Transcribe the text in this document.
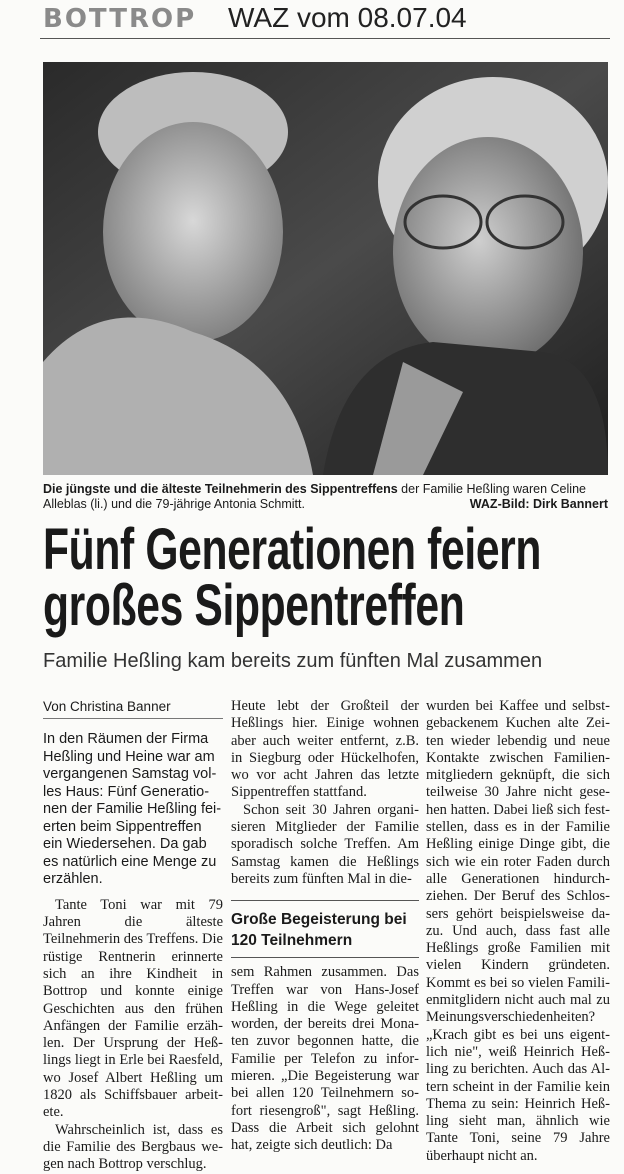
BOTTROP WAZ vom 08.07.04
Die jüngste und die älteste Teilnehmerin des Sippentreffens der Familie Heßling waren Celine Alleblas (li.) und die 79-jährige Antonia Schmitt.	WAZ-Bild: Dirk Bannert
Fünf Generationen feiern
großes Sippentreffen
Familie Heßling kam bereits zum fünften Mal zusammen
Von Christina Banner

In den Räumen der Firma Heßling und Heine war am vergangenen Samstag volles Haus: Fünf Generationen der Familie Heßling feierten beim Sippentreffen ein Wiedersehen. Da gab es natürlich eine Menge zu erzählen.

Tante Toni war mit 79 Jahren die älteste Teilnehmerin des Treffens. Die rüstige Rentnerin erinnerte sich an ihre Kindheit in Bottrop und konnte einige Geschichten aus den frühen Anfängen der Familie erzählen. Der Ursprung der Heßlings liegt in Erle bei Raesfeld, wo Josef Albert Heßling um 1820 als Schiffsbauer arbeitete.

Wahrscheinlich ist, dass es die Familie des Bergbaus wegen nach Bottrop verschlug.

Heute lebt der Großteil der Heßlings hier. Einige wohnen aber auch weiter entfernt, z.B. in Siegburg oder Hückelhofen, wo vor acht Jahren das letzte Sippentreffen stattfand.

Schon seit 30 Jahren organisieren Mitglieder der Familie sporadisch solche Treffen. Am Samstag kamen die Heßlings bereits zum fünften Mal in die-

Große Begeisterung bei 120 Teilnehmern

sem Rahmen zusammen. Das Treffen war von Hans-Josef Heßling in die Wege geleitet worden, der bereits drei Monaten zuvor begonnen hatte, die Familie per Telefon zu informieren. „Die Begeisterung war bei allen 120 Teilnehmern sofort riesengroß", sagt Heßling. Dass die Arbeit sich gelohnt hat, zeigte sich deutlich: Da

wurden bei Kaffee und selbstgebackenem Kuchen alte Zeiten wieder lebendig und neue Kontakte zwischen Familienmitgliedern geknüpft, die sich teilweise 30 Jahre nicht gesehen hatten. Dabei ließ sich feststellen, dass es in der Familie Heßling einige Dinge gibt, die sich wie ein roter Faden durch alle Generationen hindurchziehen. Der Beruf des Schlossers gehört beispielsweise dazu. Und auch, dass fast alle Heßlings große Familien mit vielen Kindern gründeten. Kommt es bei so vielen Familienmitglidern nicht auch mal zu Meinungsverschiedenheiten? „Krach gibt es bei uns eigentlich nie", weiß Heinrich Heßling zu berichten. Auch das Altern scheint in der Familie kein Thema zu sein: Heinrich Heßling sieht man, ähnlich wie Tante Toni, seine 79 Jahre überhaupt nicht an.
